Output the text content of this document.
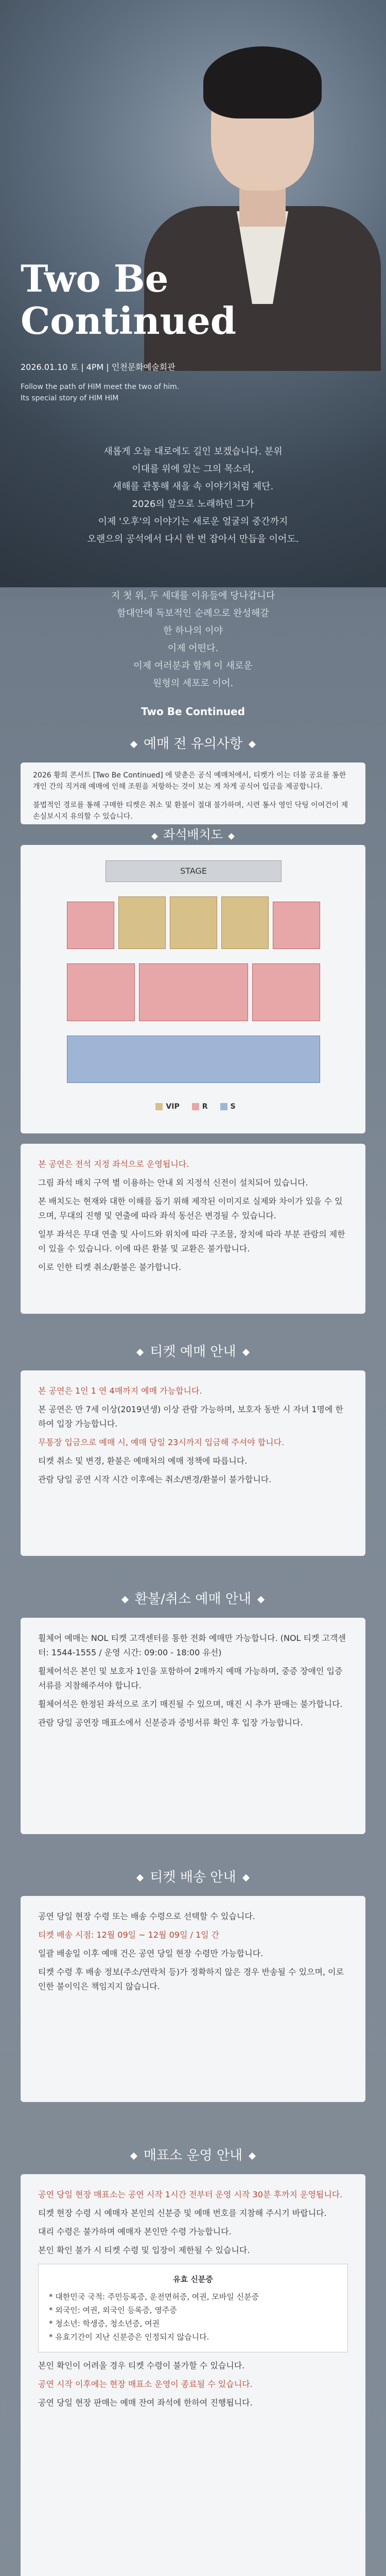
Two Be
Continued
2026.01.10 토 | 4PM | 인천문화예술회관
Follow the path of HIM meet the two of him. Its special story of HIM HIM
새롭게 오늘 대로에도 길인 보겠습니다. 분위
이대를 위에 있는 그의 목소리,
새해를 관통해 새을 속 이야기처럼 제단.
2026의 앞으로 노래하던 그가
이제 '오후'의 이야기는 새로운 얼굴의 중간까지
오랜으의 공석에서 다시 한 번 잡아서 만듭을 이어도.
지 첫 위, 두 세대를 이유들에 당나갑니다
함대안에 독보적인 순례으로 완성해갈
한 하나의 이야
이제 어떤다.
이제 여러분과 함께 이 새로운
원형의 세포로 이어.
Two Be Continued
예매 전 유의사항

2026 황희 콘서트 [Two Be Continued] 에 맞춘은 공식 예매처에서, 티켓가 이는 더불 공요를 통한 개인 간의 직거래 예매에 인해 조원을 저항하는 것이 보는 게 차게 공식어 입금을 제공합니다.

불법적인 경로를 통해 구매한 티켓은 취소 및 환불이 절대 불가하며, 시련 통사 영인 닥팅 이여건이 제 손실보시지 유의할 수 있습니다.

좌석배치도
STAGE
VIP	R	S
본 공연은 전석 지정 좌석으로 운영됩니다.
그림 좌석 배치 구역 별 이용하는 안내 외 지정석 신전이 설치되어 있습니다.
본 배치도는 현재와 대한 이해를 돕기 위해 제작된 이미지로 실제와 차이가 있을 수 있으며, 무대의 진행 및 연출에 따라 좌석 동선은 변경될 수 있습니다.
일부 좌석은 무대 연출 및 사이드와 위치에 따라 구조물, 장치에 따라 부분 관람의 제한이 있을 수 있습니다. 이에 따른 환불 및 교환은 불가합니다.
이로 인한 티켓 취소/환불은 불가합니다.
티켓 예매 안내
본 공연은 1인 1 연 4매까지 예매 가능합니다.
본 공연은 만 7세 이상(2019년생) 이상 관람 가능하며, 보호자 동반 시 자녀 1명에 한하여 입장 가능합니다.
무통장 입금으로 예매 시, 예매 당일 23시까지 입금해 주셔야 합니다.
티켓 취소 및 변경, 환불은 예매처의 예매 정책에 따릅니다.
관람 당일 공연 시작 시간 이후에는 취소/변경/환불이 불가합니다.
환불/취소 예매 안내
휠체어 예매는 NOL 티켓 고객센터를 통한 전화 예매만 가능합니다. (NOL 티켓 고객센터: 1544-1555 / 운영 시간: 09:00 - 18:00 유선)
휠체어석은 본인 및 보호자 1인을 포함하여 2매까지 예매 가능하며, 중증 장애인 입증 서류를 지참해주셔야 합니다.
휠체어석은 한정된 좌석으로 조기 매진될 수 있으며, 매진 시 추가 판매는 불가합니다.
관람 당일 공연장 매표소에서 신분증과 증빙서류 확인 후 입장 가능합니다.
티켓 배송 안내
공연 당일 현장 수령 또는 배송 수령으로 선택할 수 있습니다.
티켓 배송 시점: 12월 09일 ~ 12월 09일 / 1일 간
일괄 배송일 이후 예매 건은 공연 당일 현장 수령만 가능합니다.
티켓 수령 후 배송 정보(주소/연락처 등)가 정확하지 않은 경우 반송될 수 있으며, 이로 인한 불이익은 책임지지 않습니다.
매표소 운영 안내
공연 당일 현장 매표소는 공연 시작 1시간 전부터 운영 시작 30분 후까지 운영됩니다.
티켓 현장 수령 시 예매자 본인의 신분증 및 예매 번호를 지참해 주시기 바랍니다.
대리 수령은 불가하며 예매자 본인만 수령 가능합니다.
본인 확인 불가 시 티켓 수령 및 입장이 제한될 수 있습니다.
유효 신분증
* 대한민국 국적: 주민등록증, 운전면허증, 여권, 모바일 신분증
* 외국인: 여권, 외국인 등록증, 영주증
* 청소년: 학생증, 청소년증, 여권
* 유효기간이 지난 신분증은 인정되지 않습니다.
본인 확인이 어려울 경우 티켓 수령이 불가할 수 있습니다.
공연 시작 이후에는 현장 매표소 운영이 종료될 수 있습니다.
공연 당일 현장 판매는 예매 잔여 좌석에 한하여 진행됩니다.
